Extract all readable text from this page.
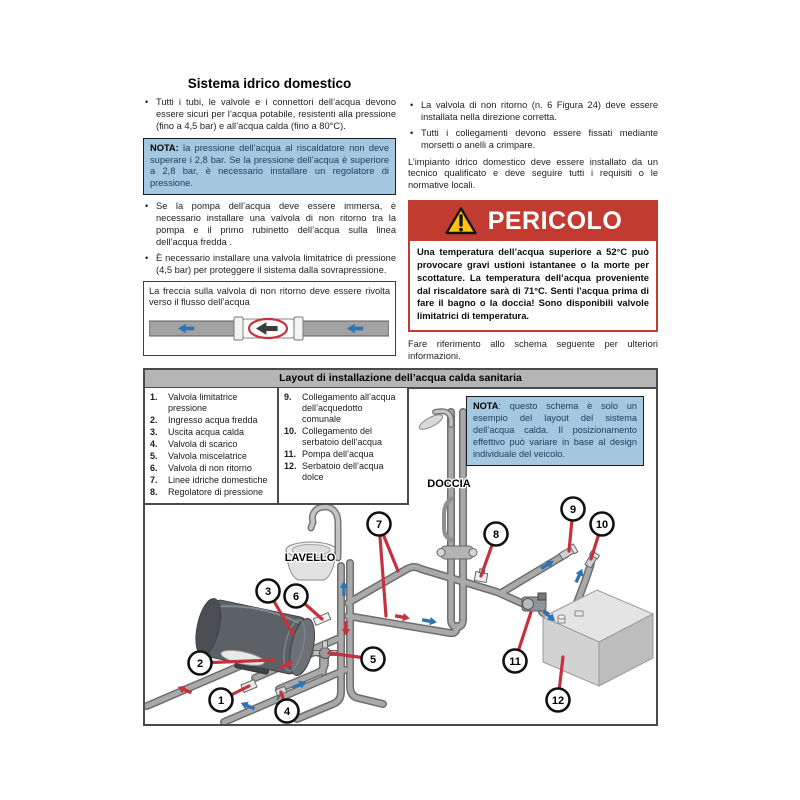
Sistema idrico domestico
• Tutti i tubi, le valvole e i connettori dell’acqua devono essere sicuri per l’acqua potabile, resistenti alla pressione (fino a 4,5 bar) e all’acqua calda (fino a 80°C).
NOTA: la pressione dell’acqua al riscaldatore non deve superare i 2,8 bar. Se la pressione dell’acqua è superiore a 2,8 bar, è necessario installare un regolatore di pressione.
• Se la pompa dell’acqua deve essere immersa, è necessario installare una valvola di non ritorno tra la pompa e il primo rubinetto dell’acqua sulla linea dell’acqua fredda .
• È necessario installare una valvola limitatrice di pressione (4,5 bar) per proteggere il sistema dalla sovrapressione.
La freccia sulla valvola di non ritorno deve essere rivolta verso il flusso dell’acqua
• La valvola di non ritorno (n. 6 Figura 24) deve essere installata nella direzione corretta.
• Tutti i collegamenti devono essere fissati mediante morsetti o anelli a crimpare.
L’impianto idrico domestico deve essere installato da un tecnico qualificato e deve seguire tutti i requisiti o le normative locali.
PERICOLO
Una temperatura dell’acqua superiore a 52°C può provocare gravi ustioni istantanee o la morte per scottature. La temperatura dell’acqua proveniente dal riscaldatore sarà di 71°C. Senti l’acqua prima di fare il bagno o la doccia! Sono disponibili valvole limitatrici di temperatura.
Fare riferimento allo schema seguente per ulteriori informazioni.
Layout di installazione dell’acqua calda sanitaria
LAVELLO
DOCCIA
1
2
3
4
5
6
7
8
9
10
11
12
1.	Valvola limitatrice pressione
2.	Ingresso acqua fredda
3.	Uscita acqua calda
4.	Valvola di scarico
5.	Valvola miscelatrice
6.	Valvola di non ritorno
7.	Linee idriche domestiche
8.	Regolatore di pressione
9.	Collegamento all’acqua dell’acquedotto comunale
10. Collegamento del serbatoio dell’acqua
11. Pompa dell’acqua
12. Serbatoio dell’acqua dolce
NOTA: questo schema è solo un esempio del layout del sistema dell’acqua calda. Il posizionamento effettivo può variare in base al design individuale del veicolo.
